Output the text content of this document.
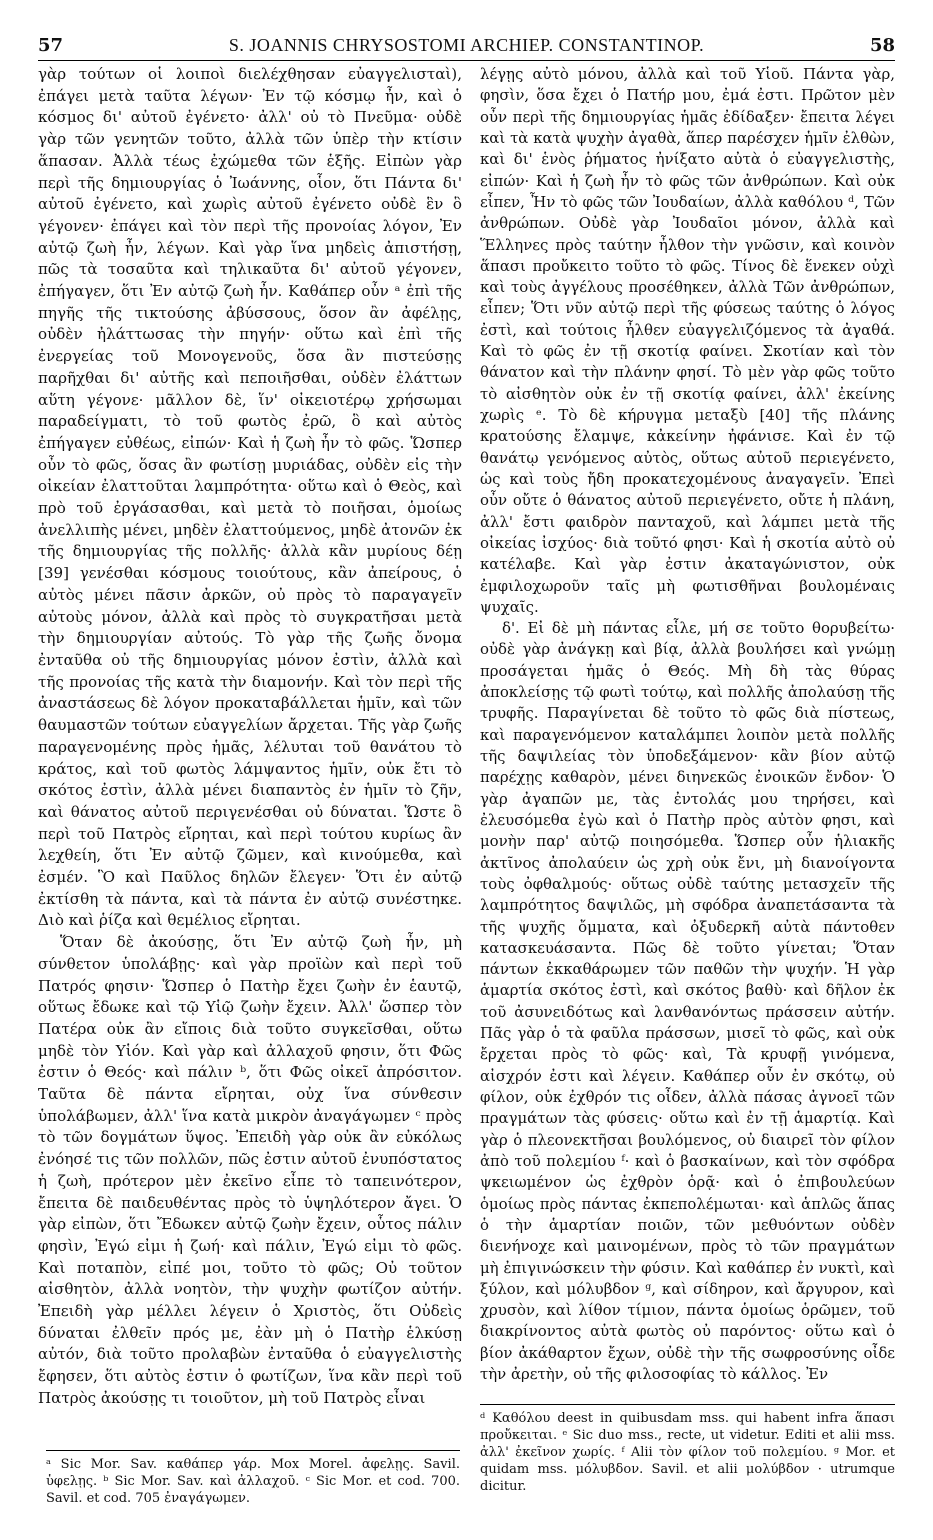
57	S. JOANNIS CHRYSOSTOMI ARCHIEP. CONSTANTINOP.	58

γὰρ τούτων οἱ λοιποὶ διελέχθησαν εὐαγγελισταὶ), ἐπάγει μετὰ ταῦτα λέγων· Ἐν τῷ κόσμῳ ἦν, καὶ ὁ κόσμος δι' αὐτοῦ ἐγένετο· ἀλλ' οὐ τὸ Πνεῦμα· οὐδὲ γὰρ τῶν γενητῶν τοῦτο, ἀλλὰ τῶν ὑπὲρ τὴν κτίσιν ἅπασαν. Ἀλλὰ τέως ἐχώμεθα τῶν ἑξῆς. Εἰπὼν γὰρ περὶ τῆς δημιουργίας ὁ Ἰωάννης, οἷον, ὅτι Πάντα δι' αὐτοῦ ἐγένετο, καὶ χωρὶς αὐτοῦ ἐγένετο οὐδὲ ἓν ὃ γέγονεν· ἐπάγει καὶ τὸν περὶ τῆς προνοίας λόγον, Ἐν αὐτῷ ζωὴ ἦν, λέγων. Καὶ γὰρ ἵνα μηδεὶς ἀπιστήσῃ, πῶς τὰ τοσαῦτα καὶ τηλικαῦτα δι' αὐτοῦ γέγονεν, ἐπήγαγεν, ὅτι Ἐν αὐτῷ ζωὴ ἦν. Καθάπερ οὖν ᵃ ἐπὶ τῆς πηγῆς τῆς τικτούσης ἀβύσσους, ὅσον ἂν ἀφέλῃς, οὐδὲν ἠλάττωσας τὴν πηγήν· οὕτω καὶ ἐπὶ τῆς ἐνεργείας τοῦ Μονογενοῦς, ὅσα ἂν πιστεύσῃς παρῆχθαι δι' αὐτῆς καὶ πεποιῆσθαι, οὐδὲν ἐλάττων αὕτη γέγονε· μᾶλλον δὲ, ἵν' οἰκειοτέρῳ χρήσωμαι παραδείγματι, τὸ τοῦ φωτὸς ἐρῶ, ὃ καὶ αὐτὸς ἐπήγαγεν εὐθέως, εἰπών· Καὶ ἡ ζωὴ ἦν τὸ φῶς. Ὥσπερ οὖν τὸ φῶς, ὅσας ἂν φωτίσῃ μυριάδας, οὐδὲν εἰς τὴν οἰκείαν ἐλαττοῦται λαμπρότητα· οὕτω καὶ ὁ Θεὸς, καὶ πρὸ τοῦ ἐργάσασθαι, καὶ μετὰ τὸ ποιῆσαι, ὁμοίως ἀνελλιπὴς μένει, μηδὲν ἐλαττούμενος, μηδὲ ἀτονῶν ἐκ τῆς δημιουργίας τῆς πολλῆς· ἀλλὰ κἂν μυρίους δέῃ [39] γενέσθαι κόσμους τοιούτους, κἂν ἀπείρους, ὁ αὐτὸς μένει πᾶσιν ἀρκῶν, οὐ πρὸς τὸ παραγαγεῖν αὐτοὺς μόνον, ἀλλὰ καὶ πρὸς τὸ συγκρατῆσαι μετὰ τὴν δημιουργίαν αὐτούς. Τὸ γὰρ τῆς ζωῆς ὄνομα ἐνταῦθα οὐ τῆς δημιουργίας μόνον ἐστὶν, ἀλλὰ καὶ τῆς προνοίας τῆς κατὰ τὴν διαμονήν. Καὶ τὸν περὶ τῆς ἀναστάσεως δὲ λόγον προκαταβάλλεται ἡμῖν, καὶ τῶν θαυμαστῶν τούτων εὐαγγελίων ἄρχεται. Τῆς γὰρ ζωῆς παραγενομένης πρὸς ἡμᾶς, λέλυται τοῦ θανάτου τὸ κράτος, καὶ τοῦ φωτὸς λάμψαντος ἡμῖν, οὐκ ἔτι τὸ σκότος ἐστὶν, ἀλλὰ μένει διαπαντὸς ἐν ἡμῖν τὸ ζῆν, καὶ θάνατος αὐτοῦ περιγενέσθαι οὐ δύναται. Ὥστε ὃ περὶ τοῦ Πατρὸς εἴρηται, καὶ περὶ τούτου κυρίως ἂν λεχθείη, ὅτι Ἐν αὐτῷ ζῶμεν, καὶ κινούμεθα, καὶ ἐσμέν. Ὃ καὶ Παῦλος δηλῶν ἔλεγεν· Ὅτι ἐν αὐτῷ ἐκτίσθη τὰ πάντα, καὶ τὰ πάντα ἐν αὐτῷ συνέστηκε. Διὸ καὶ ῥίζα καὶ θεμέλιος εἴρηται.

Ὅταν δὲ ἀκούσῃς, ὅτι Ἐν αὐτῷ ζωὴ ἦν, μὴ σύνθετον ὑπολάβῃς· καὶ γὰρ προϊὼν καὶ περὶ τοῦ Πατρός φησιν· Ὥσπερ ὁ Πατὴρ ἔχει ζωὴν ἐν ἑαυτῷ, οὕτως ἔδωκε καὶ τῷ Υἱῷ ζωὴν ἔχειν. Ἀλλ' ὥσπερ τὸν Πατέρα οὐκ ἂν εἴποις διὰ τοῦτο συγκεῖσθαι, οὕτω μηδὲ τὸν Υἱόν. Καὶ γὰρ καὶ ἀλλαχοῦ φησιν, ὅτι Φῶς ἐστιν ὁ Θεός· καὶ πάλιν ᵇ, ὅτι Φῶς οἰκεῖ ἀπρόσιτον. Ταῦτα δὲ πάντα εἴρηται, οὐχ ἵνα σύνθεσιν ὑπολάβωμεν, ἀλλ' ἵνα κατὰ μικρὸν ἀναγάγωμεν ᶜ πρὸς τὸ τῶν δογμάτων ὕψος. Ἐπειδὴ γὰρ οὐκ ἂν εὐκόλως ἐνόησέ τις τῶν πολλῶν, πῶς ἐστιν αὐτοῦ ἐνυπόστατος ἡ ζωὴ, πρότερον μὲν ἐκεῖνο εἶπε τὸ ταπεινότερον, ἔπειτα δὲ παιδευθέντας πρὸς τὸ ὑψηλότερον ἄγει. Ὁ γὰρ εἰπὼν, ὅτι Ἔδωκεν αὐτῷ ζωὴν ἔχειν, οὗτος πάλιν φησὶν, Ἐγώ εἰμι ἡ ζωή· καὶ πάλιν, Ἐγώ εἰμι τὸ φῶς. Καὶ ποταπὸν, εἰπέ μοι, τοῦτο τὸ φῶς; Οὐ τοῦτον αἰσθητὸν, ἀλλὰ νοητὸν, τὴν ψυχὴν φωτίζον αὐτήν. Ἐπειδὴ γὰρ μέλλει λέγειν ὁ Χριστὸς, ὅτι Οὐδεὶς δύναται ἐλθεῖν πρός με, ἐὰν μὴ ὁ Πατὴρ ἑλκύσῃ αὐτόν, διὰ τοῦτο προλαβὼν ἐνταῦθα ὁ εὐαγγελιστὴς ἔφησεν, ὅτι αὐτὸς ἐστιν ὁ φωτίζων, ἵνα κἂν περὶ τοῦ Πατρὸς ἀκούσῃς τι τοιοῦτον, μὴ τοῦ Πατρὸς εἶναι

λέγῃς αὐτὸ μόνου, ἀλλὰ καὶ τοῦ Υἱοῦ. Πάντα γὰρ, φησὶν, ὅσα ἔχει ὁ Πατήρ μου, ἐμά ἐστι. Πρῶτον μὲν οὖν περὶ τῆς δημιουργίας ἡμᾶς ἐδίδαξεν· ἔπειτα λέγει καὶ τὰ κατὰ ψυχὴν ἀγαθὰ, ἅπερ παρέσχεν ἡμῖν ἐλθὼν, καὶ δι' ἑνὸς ῥήματος ἠνίξατο αὐτὰ ὁ εὐαγγελιστὴς, εἰπών· Καὶ ἡ ζωὴ ἦν τὸ φῶς τῶν ἀνθρώπων. Καὶ οὐκ εἶπεν, Ἦν τὸ φῶς τῶν Ἰουδαίων, ἀλλὰ καθόλου ᵈ, Τῶν ἀνθρώπων. Οὐδὲ γὰρ Ἰουδαῖοι μόνον, ἀλλὰ καὶ Ἕλληνες πρὸς ταύτην ἦλθον τὴν γνῶσιν, καὶ κοινὸν ἅπασι προὔκειτο τοῦτο τὸ φῶς. Τίνος δὲ ἕνεκεν οὐχὶ καὶ τοὺς ἀγγέλους προσέθηκεν, ἀλλὰ Τῶν ἀνθρώπων, εἶπεν; Ὅτι νῦν αὐτῷ περὶ τῆς φύσεως ταύτης ὁ λόγος ἐστὶ, καὶ τούτοις ἦλθεν εὐαγγελιζόμενος τὰ ἀγαθά. Καὶ τὸ φῶς ἐν τῇ σκοτίᾳ φαίνει. Σκοτίαν καὶ τὸν θάνατον καὶ τὴν πλάνην φησί. Τὸ μὲν γὰρ φῶς τοῦτο τὸ αἰσθητὸν οὐκ ἐν τῇ σκοτίᾳ φαίνει, ἀλλ' ἐκείνης χωρὶς ᵉ. Τὸ δὲ κήρυγμα μεταξὺ [40] τῆς πλάνης κρατούσης ἔλαμψε, κἀκείνην ἠφάνισε. Καὶ ἐν τῷ θανάτῳ γενόμενος αὐτὸς, οὕτως αὐτοῦ περιεγένετο, ὡς καὶ τοὺς ἤδη προκατεχομένους ἀναγαγεῖν. Ἐπεὶ οὖν οὔτε ὁ θάνατος αὐτοῦ περιεγένετο, οὔτε ἡ πλάνη, ἀλλ' ἔστι φαιδρὸν πανταχοῦ, καὶ λάμπει μετὰ τῆς οἰκείας ἰσχύος· διὰ τοῦτό φησι· Καὶ ἡ σκοτία αὐτὸ οὐ κατέλαβε. Καὶ γὰρ ἐστιν ἀκαταγώνιστον, οὐκ ἐμφιλοχωροῦν ταῖς μὴ φωτισθῆναι βουλομέναις ψυχαῖς.

δ'. Εἰ δὲ μὴ πάντας εἷλε, μή σε τοῦτο θορυβείτω· οὐδὲ γὰρ ἀνάγκῃ καὶ βίᾳ, ἀλλὰ βουλήσει καὶ γνώμῃ προσάγεται ἡμᾶς ὁ Θεός. Μὴ δὴ τὰς θύρας ἀποκλείσῃς τῷ φωτὶ τούτῳ, καὶ πολλῆς ἀπολαύσῃ τῆς τρυφῆς. Παραγίνεται δὲ τοῦτο τὸ φῶς διὰ πίστεως, καὶ παραγενόμενον καταλάμπει λοιπὸν μετὰ πολλῆς τῆς δαψιλείας τὸν ὑποδεξάμενον· κἂν βίον αὐτῷ παρέχῃς καθαρὸν, μένει διηνεκῶς ἐνοικῶν ἔνδον· Ὁ γὰρ ἀγαπῶν με, τὰς ἐντολάς μου τηρήσει, καὶ ἐλευσόμεθα ἐγὼ καὶ ὁ Πατὴρ πρὸς αὐτὸν φησι, καὶ μονὴν παρ' αὐτῷ ποιησόμεθα. Ὥσπερ οὖν ἡλιακῆς ἀκτῖνος ἀπολαύειν ὡς χρὴ οὐκ ἔνι, μὴ διανοίγοντα τοὺς ὀφθαλμούς· οὕτως οὐδὲ ταύτης μετασχεῖν τῆς λαμπρότητος δαψιλῶς, μὴ σφόδρα ἀναπετάσαντα τὰ τῆς ψυχῆς ὄμματα, καὶ ὀξυδερκῆ αὐτὰ πάντοθεν κατασκευάσαντα. Πῶς δὲ τοῦτο γίνεται; Ὅταν πάντων ἐκκαθάρωμεν τῶν παθῶν τὴν ψυχήν. Ἡ γὰρ ἁμαρτία σκότος ἐστὶ, καὶ σκότος βαθὺ· καὶ δῆλον ἐκ τοῦ ἀσυνειδότως καὶ λανθανόντως πράσσειν αὐτήν. Πᾶς γὰρ ὁ τὰ φαῦλα πράσσων, μισεῖ τὸ φῶς, καὶ οὐκ ἔρχεται πρὸς τὸ φῶς· καὶ, Τὰ κρυφῇ γινόμενα, αἰσχρόν ἐστι καὶ λέγειν. Καθάπερ οὖν ἐν σκότῳ, οὐ φίλον, οὐκ ἐχθρόν τις οἶδεν, ἀλλὰ πάσας ἀγνοεῖ τῶν πραγμάτων τὰς φύσεις· οὕτω καὶ ἐν τῇ ἁμαρτίᾳ. Καὶ γὰρ ὁ πλεονεκτῆσαι βουλόμενος, οὐ διαιρεῖ τὸν φίλον ἀπὸ τοῦ πολεμίου ᶠ· καὶ ὁ βασκαίνων, καὶ τὸν σφόδρα ψκειωμένον ὡς ἐχθρὸν ὁρᾷ· καὶ ὁ ἐπιβουλεύων ὁμοίως πρὸς πάντας ἐκπεπολέμωται· καὶ ἁπλῶς ἅπας ὁ τὴν ἁμαρτίαν ποιῶν, τῶν μεθυόντων οὐδὲν διενήνοχε καὶ μαινομένων, πρὸς τὸ τῶν πραγμάτων μὴ ἐπιγινώσκειν τὴν φύσιν. Καὶ καθάπερ ἐν νυκτὶ, καὶ ξύλον, καὶ μόλυβδον ᵍ, καὶ σίδηρον, καὶ ἄργυρον, καὶ χρυσὸν, καὶ λίθον τίμιον, πάντα ὁμοίως ὁρῶμεν, τοῦ διακρίνοντος αὐτὰ φωτὸς οὐ παρόντος· οὕτω καὶ ὁ βίον ἀκάθαρτον ἔχων, οὐδὲ τὴν τῆς σωφροσύνης οἶδε τὴν ἀρετὴν, οὐ τῆς φιλοσοφίας τὸ κάλλος. Ἐν

ᵃ Sic Mor. Sav. καθάπερ γάρ. Mox Morel. ἀφελῃς. Savil. ὑφελῃς. ᵇ Sic Mor. Sav. καὶ ἀλλαχοῦ. ᶜ Sic Mor. et cod. 700. Savil. et cod. 705 ἐναγάγωμεν.

ᵈ Καθόλου deest in quibusdam mss. qui habent infra ἅπασι προὔκειται. ᵉ Sic duo mss., recte, ut videtur. Editi et alii mss. ἀλλ' ἐκεῖνον χωρίς. ᶠ Alii τὸν φίλον τοῦ πολεμίου. ᵍ Mor. et quidam mss. μόλυβδον. Savil. et alii μολύβδον · utrumque dicitur.
